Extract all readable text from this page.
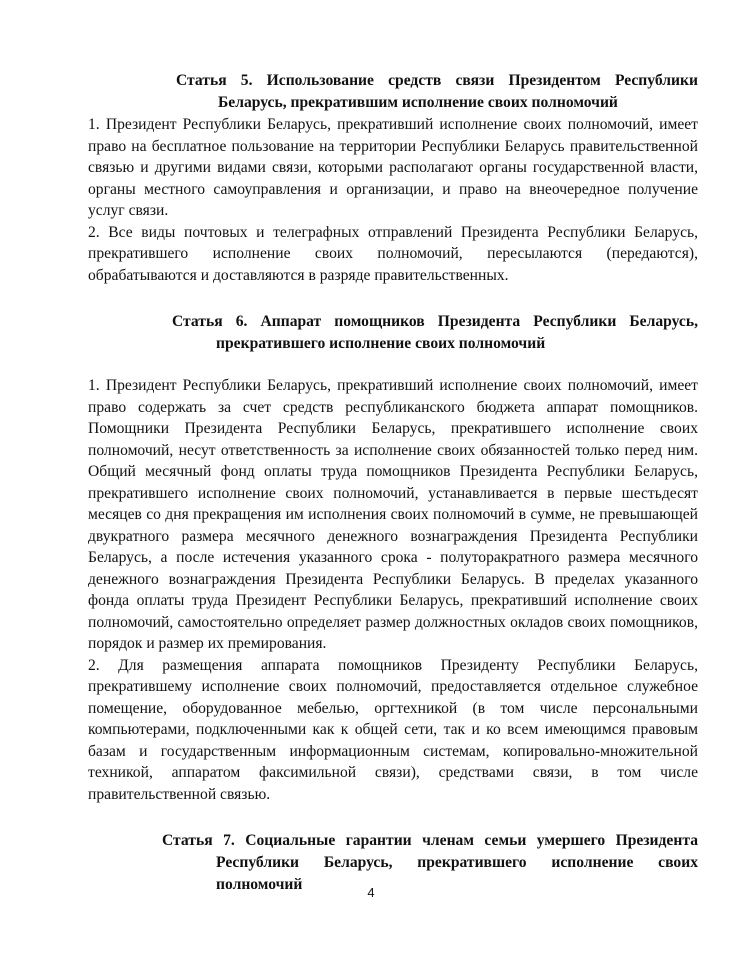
Статья 5. Использование средств связи Президентом Республики Беларусь, прекратившим исполнение своих полномочий

1. Президент Республики Беларусь, прекративший исполнение своих полномочий, имеет право на бесплатное пользование на территории Республики Беларусь правительственной связью и другими видами связи, которыми располагают органы государственной власти, органы местного самоуправления и организации, и право на внеочередное получение услуг связи.

2. Все виды почтовых и телеграфных отправлений Президента Республики Беларусь, прекратившего исполнение своих полномочий, пересылаются (передаются), обрабатываются и доставляются в разряде правительственных.

Статья 6. Аппарат помощников Президента Республики Беларусь, прекратившего исполнение своих полномочий

1. Президент Республики Беларусь, прекративший исполнение своих полномочий, имеет право содержать за счет средств республиканского бюджета аппарат помощников. Помощники Президента Республики Беларусь, прекратившего исполнение своих полномочий, несут ответственность за исполнение своих обязанностей только перед ним. Общий месячный фонд оплаты труда помощников Президента Республики Беларусь, прекратившего исполнение своих полномочий, устанавливается в первые шестьдесят месяцев со дня прекращения им исполнения своих полномочий в сумме, не превышающей двукратного размера месячного денежного вознаграждения Президента Республики Беларусь, а после истечения указанного срока - полуторакратного размера месячного денежного вознаграждения Президента Республики Беларусь. В пределах указанного фонда оплаты труда Президент Республики Беларусь, прекративший исполнение своих полномочий, самостоятельно определяет размер должностных окладов своих помощников, порядок и размер их премирования.

2. Для размещения аппарата помощников Президенту Республики Беларусь, прекратившему исполнение своих полномочий, предоставляется отдельное служебное помещение, оборудованное мебелью, оргтехникой (в том числе персональными компьютерами, подключенными как к общей сети, так и ко всем имеющимся правовым базам и государственным информационным системам, копировально-множительной техникой, аппаратом факсимильной связи), средствами связи, в том числе правительственной связью.

Статья 7. Социальные гарантии членам семьи умершего Президента Республики Беларусь, прекратившего исполнение своих полномочий	4
